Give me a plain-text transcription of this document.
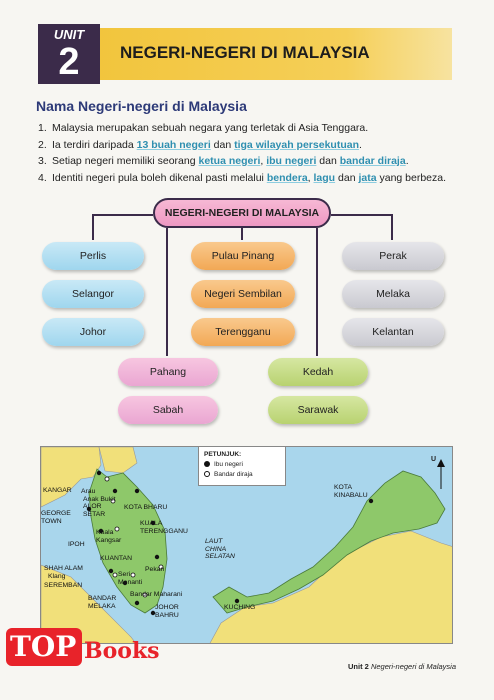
UNIT
2	NEGERI-NEGERI DI MALAYSIA
Nama Negeri-negeri di Malaysia
1. Malaysia merupakan sebuah negara yang terletak di Asia Tenggara.
2. Ia terdiri daripada 13 buah negeri dan tiga wilayah persekutuan.
3. Setiap negeri memiliki seorang ketua negeri, ibu negeri dan bandar diraja.
4. Identiti negeri pula boleh dikenal pasti melalui bendera, lagu dan jata yang berbeza.
NEGERI-NEGERI DI MALAYSIA
Perlis
Selangor
Johor
Pulau Pinang
Negeri Sembilan
Terengganu
Perak
Melaka
Kelantan
Pahang
Sabah
Kedah
Sarawak
PETUNJUK:
Ibu negeri
Bandar diraja
U
KANGAR Arau
Anak Bukit
ALOR SETAR
GEORGE TOWN
Kuala Kangsar
IPOH
KOTA BHARU
KUALA TERENGGANU
KUANTAN
Pekan
SHAH ALAM
Klang
SEREMBAN
Seri Menanti
Bandar Maharani
BANDAR MELAKA	JOHOR BAHRU
KUCHING
KOTA KINABALU
LAUT CHINA SELATAN
TOP Books
Unit 2 Negeri-negeri di Malaysia
